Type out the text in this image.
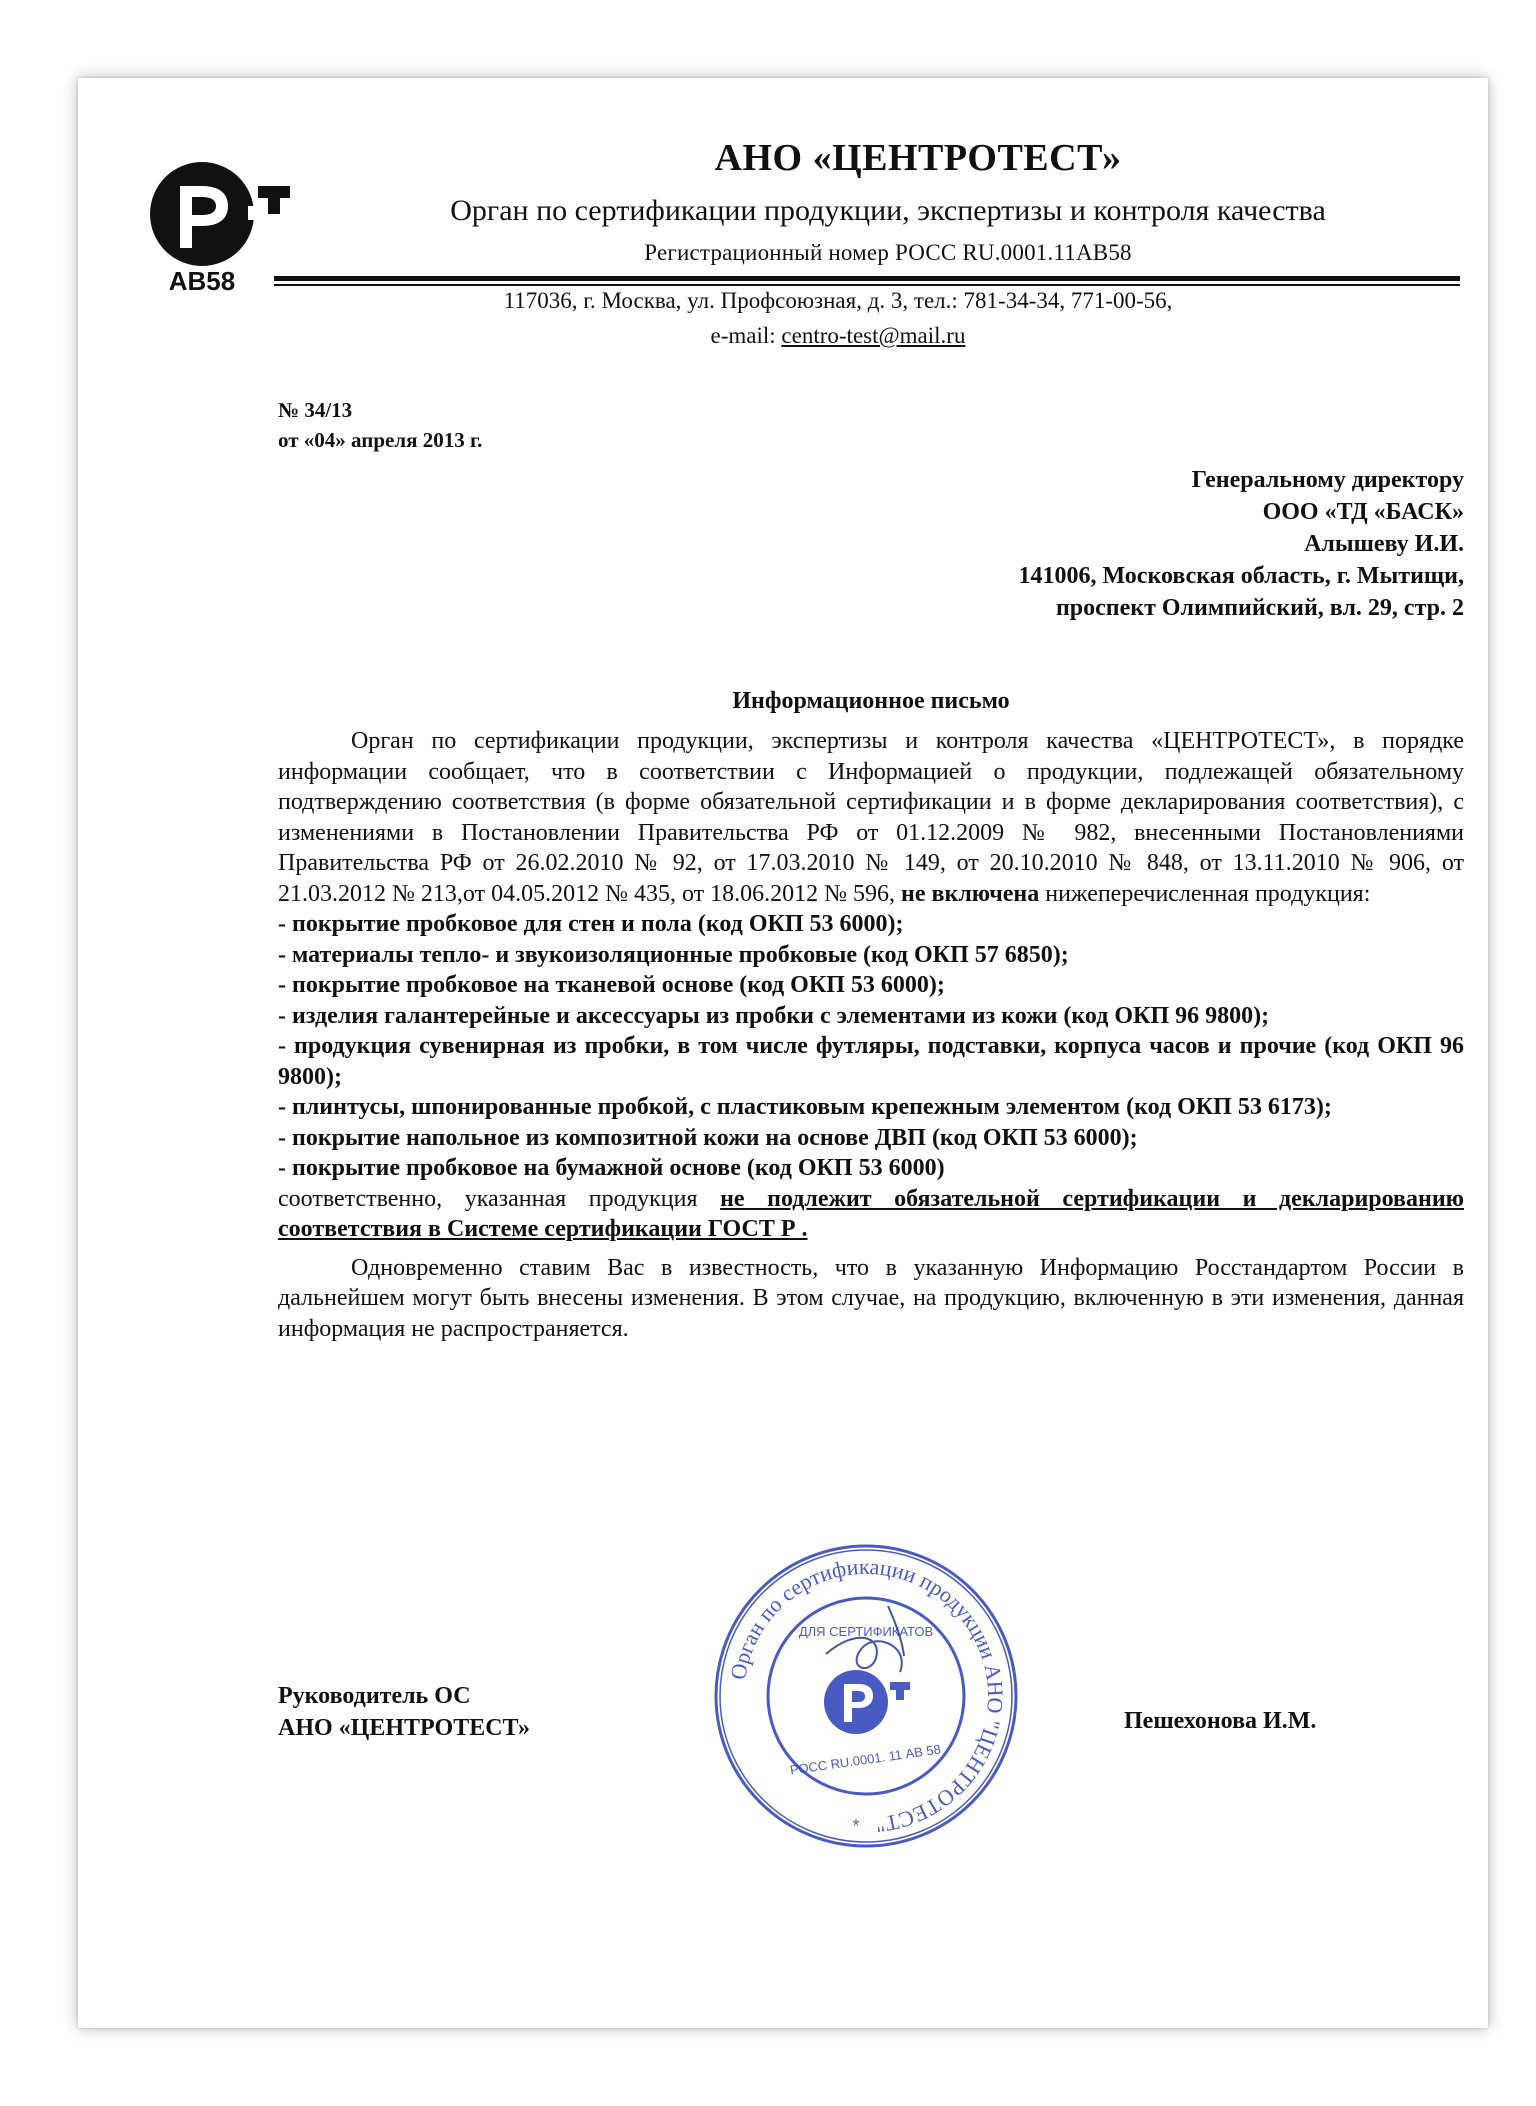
AB58
АНО «ЦЕНТРОТЕСТ»
Орган по сертификации продукции, экспертизы и контроля качества
Регистрационный номер РОСС RU.0001.11АВ58
117036, г. Москва, ул. Профсоюзная, д. 3, тел.: 781-34-34, 771-00-56,
e-mail: centro-test@mail.ru
№ 34/13
от «04» апреля 2013 г.
Генеральному директору
ООО «ТД «БАСК»
Алышеву И.И.
141006, Московская область, г. Мытищи,
проспект Олимпийский, вл. 29, стр. 2
Информационное письмо

Орган по сертификации продукции, экспертизы и контроля качества «ЦЕНТРОТЕСТ», в порядке информации сообщает, что в соответствии с Информацией о продукции, подлежащей обязательному подтверждению соответствия (в форме обязательной сертификации и в форме декларирования соответствия), с изменениями в Постановлении Правительства РФ от 01.12.2009 № 982, внесенными Постановлениями Правительства РФ от 26.02.2010 № 92, от 17.03.2010 № 149, от 20.10.2010 № 848, от 13.11.2010 № 906, от 21.03.2012 № 213,от 04.05.2012 № 435, от 18.06.2012 № 596, не включена нижеперечисленная продукция:

- покрытие пробковое для стен и пола (код ОКП 53 6000);
- материалы тепло- и звукоизоляционные пробковые (код ОКП 57 6850);
- покрытие пробковое на тканевой основе (код ОКП 53 6000);
- изделия галантерейные и аксессуары из пробки с элементами из кожи (код ОКП 96 9800);
- продукция сувенирная из пробки, в том числе футляры, подставки, корпуса часов и прочие (код ОКП 96 9800);
- плинтусы, шпонированные пробкой, с пластиковым крепежным элементом (код ОКП 53 6173);
- покрытие напольное из композитной кожи на основе ДВП (код ОКП 53 6000);
- покрытие пробковое на бумажной основе (код ОКП 53 6000)

соответственно, указанная продукция не подлежит обязательной сертификации и декларированию соответствия в Системе сертификации ГОСТ Р .

Одновременно ставим Вас в известность, что в указанную Информацию Росстандартом России в дальнейшем могут быть внесены изменения. В этом случае, на продукцию, включенную в эти изменения, данная информация не распространяется.

Руководитель ОС
АНО «ЦЕНТРОТЕСТ»	Пешехонова И.М.
Орган по сертификации продукции АНО "ЦЕНТРОТЕСТ"
ДЛЯ СЕРТИФИКАТОВ
РОСС RU.0001. 11 АВ 58
*
